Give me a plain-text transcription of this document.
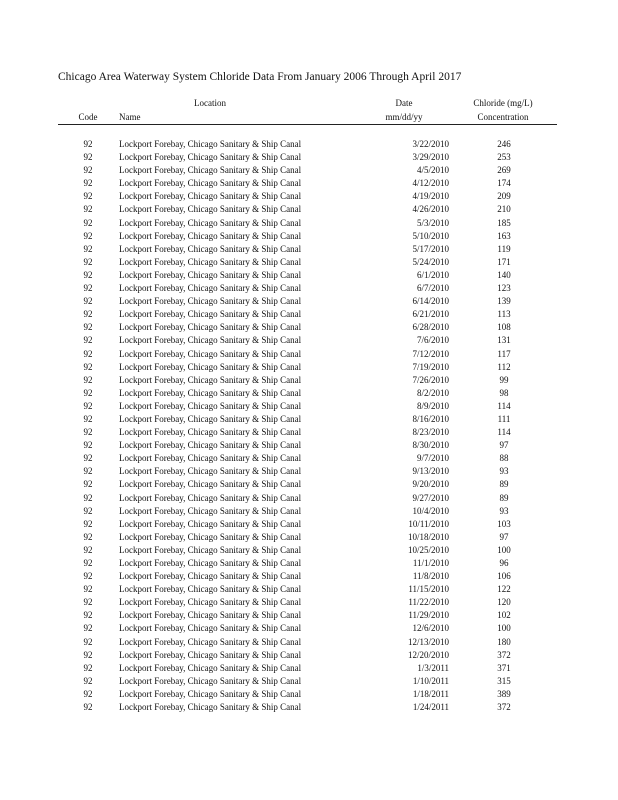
Chicago Area Waterway System Chloride Data From January 2006 Through April 2017
Location	Date	Chloride (mg/L)
Code	Name	mm/dd/yy	Concentration
92	Lockport Forebay, Chicago Sanitary & Ship Canal	3/22/2010	246
92	Lockport Forebay, Chicago Sanitary & Ship Canal	3/29/2010	253
92	Lockport Forebay, Chicago Sanitary & Ship Canal	4/5/2010	269
92	Lockport Forebay, Chicago Sanitary & Ship Canal	4/12/2010	174
92	Lockport Forebay, Chicago Sanitary & Ship Canal	4/19/2010	209
92	Lockport Forebay, Chicago Sanitary & Ship Canal	4/26/2010	210
92	Lockport Forebay, Chicago Sanitary & Ship Canal	5/3/2010	185
92	Lockport Forebay, Chicago Sanitary & Ship Canal	5/10/2010	163
92	Lockport Forebay, Chicago Sanitary & Ship Canal	5/17/2010	119
92	Lockport Forebay, Chicago Sanitary & Ship Canal	5/24/2010	171
92	Lockport Forebay, Chicago Sanitary & Ship Canal	6/1/2010	140
92	Lockport Forebay, Chicago Sanitary & Ship Canal	6/7/2010	123
92	Lockport Forebay, Chicago Sanitary & Ship Canal	6/14/2010	139
92	Lockport Forebay, Chicago Sanitary & Ship Canal	6/21/2010	113
92	Lockport Forebay, Chicago Sanitary & Ship Canal	6/28/2010	108
92	Lockport Forebay, Chicago Sanitary & Ship Canal	7/6/2010	131
92	Lockport Forebay, Chicago Sanitary & Ship Canal	7/12/2010	117
92	Lockport Forebay, Chicago Sanitary & Ship Canal	7/19/2010	112
92	Lockport Forebay, Chicago Sanitary & Ship Canal	7/26/2010	99
92	Lockport Forebay, Chicago Sanitary & Ship Canal	8/2/2010	98
92	Lockport Forebay, Chicago Sanitary & Ship Canal	8/9/2010	114
92	Lockport Forebay, Chicago Sanitary & Ship Canal	8/16/2010	111
92	Lockport Forebay, Chicago Sanitary & Ship Canal	8/23/2010	114
92	Lockport Forebay, Chicago Sanitary & Ship Canal	8/30/2010	97
92	Lockport Forebay, Chicago Sanitary & Ship Canal	9/7/2010	88
92	Lockport Forebay, Chicago Sanitary & Ship Canal	9/13/2010	93
92	Lockport Forebay, Chicago Sanitary & Ship Canal	9/20/2010	89
92	Lockport Forebay, Chicago Sanitary & Ship Canal	9/27/2010	89
92	Lockport Forebay, Chicago Sanitary & Ship Canal	10/4/2010	93
92	Lockport Forebay, Chicago Sanitary & Ship Canal	10/11/2010	103
92	Lockport Forebay, Chicago Sanitary & Ship Canal	10/18/2010	97
92	Lockport Forebay, Chicago Sanitary & Ship Canal	10/25/2010	100
92	Lockport Forebay, Chicago Sanitary & Ship Canal	11/1/2010	96
92	Lockport Forebay, Chicago Sanitary & Ship Canal	11/8/2010	106
92	Lockport Forebay, Chicago Sanitary & Ship Canal	11/15/2010	122
92	Lockport Forebay, Chicago Sanitary & Ship Canal	11/22/2010	120
92	Lockport Forebay, Chicago Sanitary & Ship Canal	11/29/2010	102
92	Lockport Forebay, Chicago Sanitary & Ship Canal	12/6/2010	100
92	Lockport Forebay, Chicago Sanitary & Ship Canal	12/13/2010	180
92	Lockport Forebay, Chicago Sanitary & Ship Canal	12/20/2010	372
92	Lockport Forebay, Chicago Sanitary & Ship Canal	1/3/2011	371
92	Lockport Forebay, Chicago Sanitary & Ship Canal	1/10/2011	315
92	Lockport Forebay, Chicago Sanitary & Ship Canal	1/18/2011	389
92	Lockport Forebay, Chicago Sanitary & Ship Canal	1/24/2011	372
